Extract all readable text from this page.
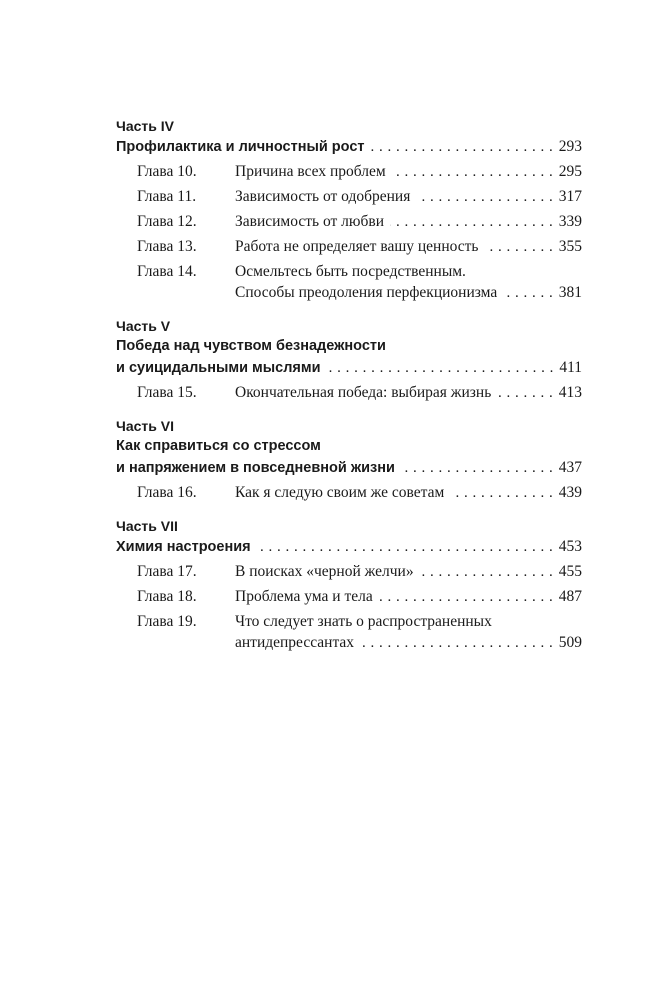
Часть IV
Профилактика и личностный рост . . .	293
Глава 10.	Причина всех проблем . . .	295
Глава 11.	Зависимость от одобрения . . .	317
Глава 12.	Зависимость от любви . . .	339
Глава 13.	Работа не определяет вашу ценность . . .	355
Глава 14.	Осмельтесь быть посредственным.
Способы преодоления перфекционизма . . .	381
Часть V
Победа над чувством безнадежности
и суицидальными мыслями . . .	411
Глава 15.	Окончательная победа: выбирая жизнь . . .	413
Часть VI
Как справиться со стрессом
и напряжением в повседневной жизни . . .	437
Глава 16.	Как я следую своим же советам . . .	439
Часть VII
Химия настроения . . .	453
Глава 17.	В поисках «черной желчи» . . .	455
Глава 18.	Проблема ума и тела . . .	487
Глава 19.	Что следует знать о распространенных
антидепрессантах . . .	509
